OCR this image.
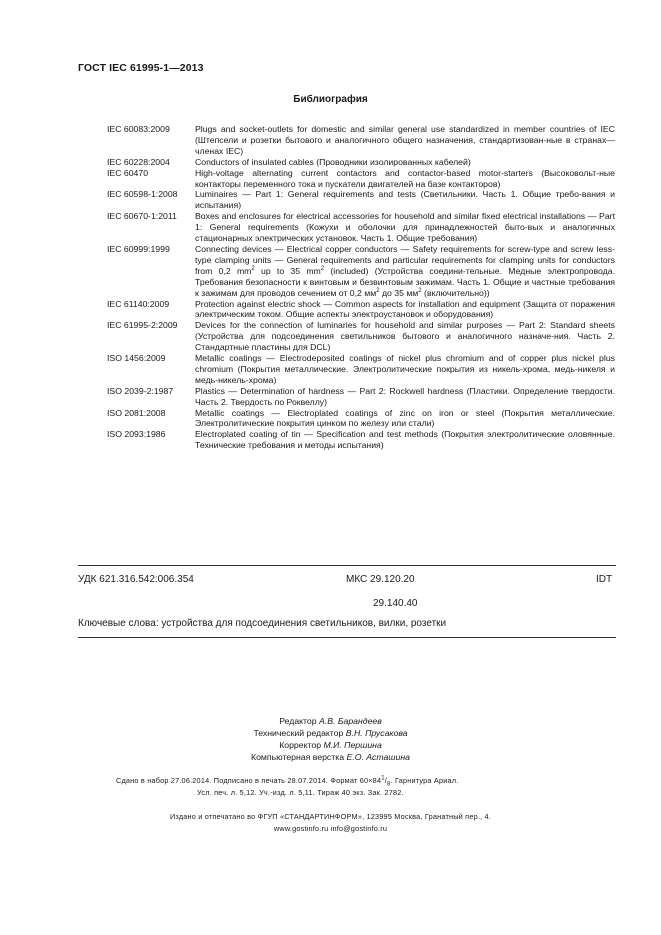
ГОСТ IEC 61995-1—2013
Библиография
IEC 60083:2009	Plugs and socket-outlets for domestic and similar general use standardized in member countries of IEC (Штепсели и розетки бытового и аналогичного общего назначения, стандартизован-ные в странах—членах IEC)
IEC 60228:2004	Conductors of insulated cables (Проводники изолированных кабелей)
IEC 60470	High-voltage alternating current contactors and contactor-based motor-starters (Высоковольт-ные контакторы переменного тока и пускатели двигателей на базе контакторов)
IEC 60598-1:2008	Luminaires — Part 1: General requirements and tests (Светильники. Часть 1. Общие требо-вания и испытания)
IEC 60670-1:2011	Boxes and enclosures for electrical accessories for household and similar fixed electrical installations — Part 1: General requirements (Кожухи и оболочки для принадлежностей быто-вых и аналогичных стационарных электрических установок. Часть 1. Общие требования)
IEC 60999:1999	Connecting devices — Electrical copper conductors — Safety requirements for screw-type and screw less-type clamping units — General requirements and particular requirements for clamping units for conductors from 0,2 $mm^2$ up to 35 $mm^2$ (included) (Устройства соедини-тельные. Медные электропровода. Требования безопасности к винтовым и безвинтовым зажимам. Часть 1. Общие и частные требования к зажимам для проводов сечением от 0,2 $мм^2$ до 35 $мм^2$ (включительно))
IEC 61140:2009	Protection against electric shock — Common aspects for installation and equipment (Защита от поражения электрическим током. Общие аспекты электроустановок и оборудования)
IEC 61995-2:2009	Devices for the connection of luminaries for household and similar purposes — Part 2: Standard sheets (Устройства для подсоединения светильников бытового и аналогичного назначе-ния. Часть 2. Стандартные пластины для DCL)
ISO 1456:2009	Metallic coatings — Electrodeposited coatings of nickel plus chromium and of copper plus nickel plus chromium (Покрытия металлические. Электролитические покрытия из никель-хрома, медь-никеля и медь-никель-хрома)
ISO 2039-2:1987	Plastics — Determination of hardness — Part 2: Rockwell hardness (Пластики. Определение твердости. Часть 2. Твердость по Роквеллу)
ISO 2081:2008	Metallic coatings — Electroplated coatings of zinc on iron or steel (Покрытия металлические. Электролитические покрытия цинком по железу или стали)
ISO 2093:1986	Electroplated coating of tin — Specification and test methods (Покрытия электролитические оловянные. Технические требования и методы испытания)
УДК 621.316.542:006.354	МКС 29.120.20	IDT
29.140.40
Ключевые слова: устройства для подсоединения светильников, вилки, розетки
Редактор А.В. Барандеев
Технический редактор В.Н. Прусакова
Корректор М.И. Першина
Компьютерная верстка Е.О. Асташина
Сдано в набор 27.06.2014. Подписано в печать 28.07.2014. Формат $60\times 84^1/_8$. Гарнитура Ариал.
Усл. печ. л. 5,12. Уч.-изд. л. 5,11. Тираж 40 экз. Зак. 2782.
Издано и отпечатано во ФГУП «СТАНДАРТИНФОРМ», 123995 Москва, Гранатный пер., 4.
www.gostinfo.ru info@gostinfo.ru
